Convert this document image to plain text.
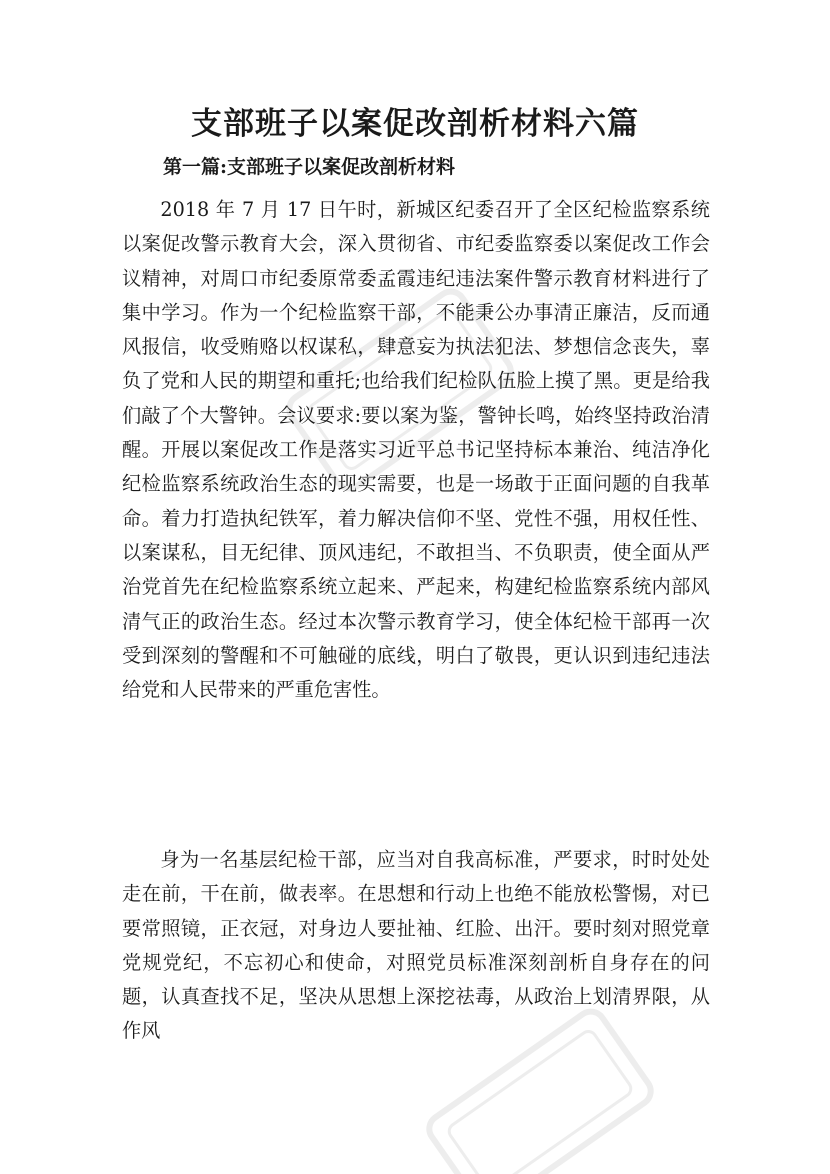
支部班子以案促改剖析材料六篇
第一篇:支部班子以案促改剖析材料

2018 年 7 月 17 日午时，新城区纪委召开了全区纪检监察系统以案促改警示教育大会，深入贯彻省、市纪委监察委以案促改工作会议精神，对周口市纪委原常委孟霞违纪违法案件警示教育材料进行了集中学习。作为一个纪检监察干部，不能秉公办事清正廉洁，反而通风报信，收受贿赂以权谋私，肆意妄为执法犯法、梦想信念丧失，辜负了党和人民的期望和重托;也给我们纪检队伍脸上摸了黑。更是给我们敲了个大警钟。会议要求:要以案为鉴，警钟长鸣，始终坚持政治清醒。开展以案促改工作是落实习近平总书记坚持标本兼治、纯洁净化纪检监察系统政治生态的现实需要，也是一场敢于正面问题的自我革命。着力打造执纪铁军，着力解决信仰不坚、党性不强，用权任性、以案谋私，目无纪律、顶风违纪，不敢担当、不负职责，使全面从严治党首先在纪检监察系统立起来、严起来，构建纪检监察系统内部风清气正的政治生态。经过本次警示教育学习，使全体纪检干部再一次受到深刻的警醒和不可触碰的底线，明白了敬畏，更认识到违纪违法给党和人民带来的严重危害性。

身为一名基层纪检干部，应当对自我高标准，严要求，时时处处走在前，干在前，做表率。在思想和行动上也绝不能放松警惕，对已要常照镜，正衣冠，对身边人要扯袖、红脸、出汗。要时刻对照党章党规党纪，不忘初心和使命，对照党员标准深刻剖析自身存在的问题，认真查找不足，坚决从思想上深挖祛毒，从政治上划清界限，从作风
